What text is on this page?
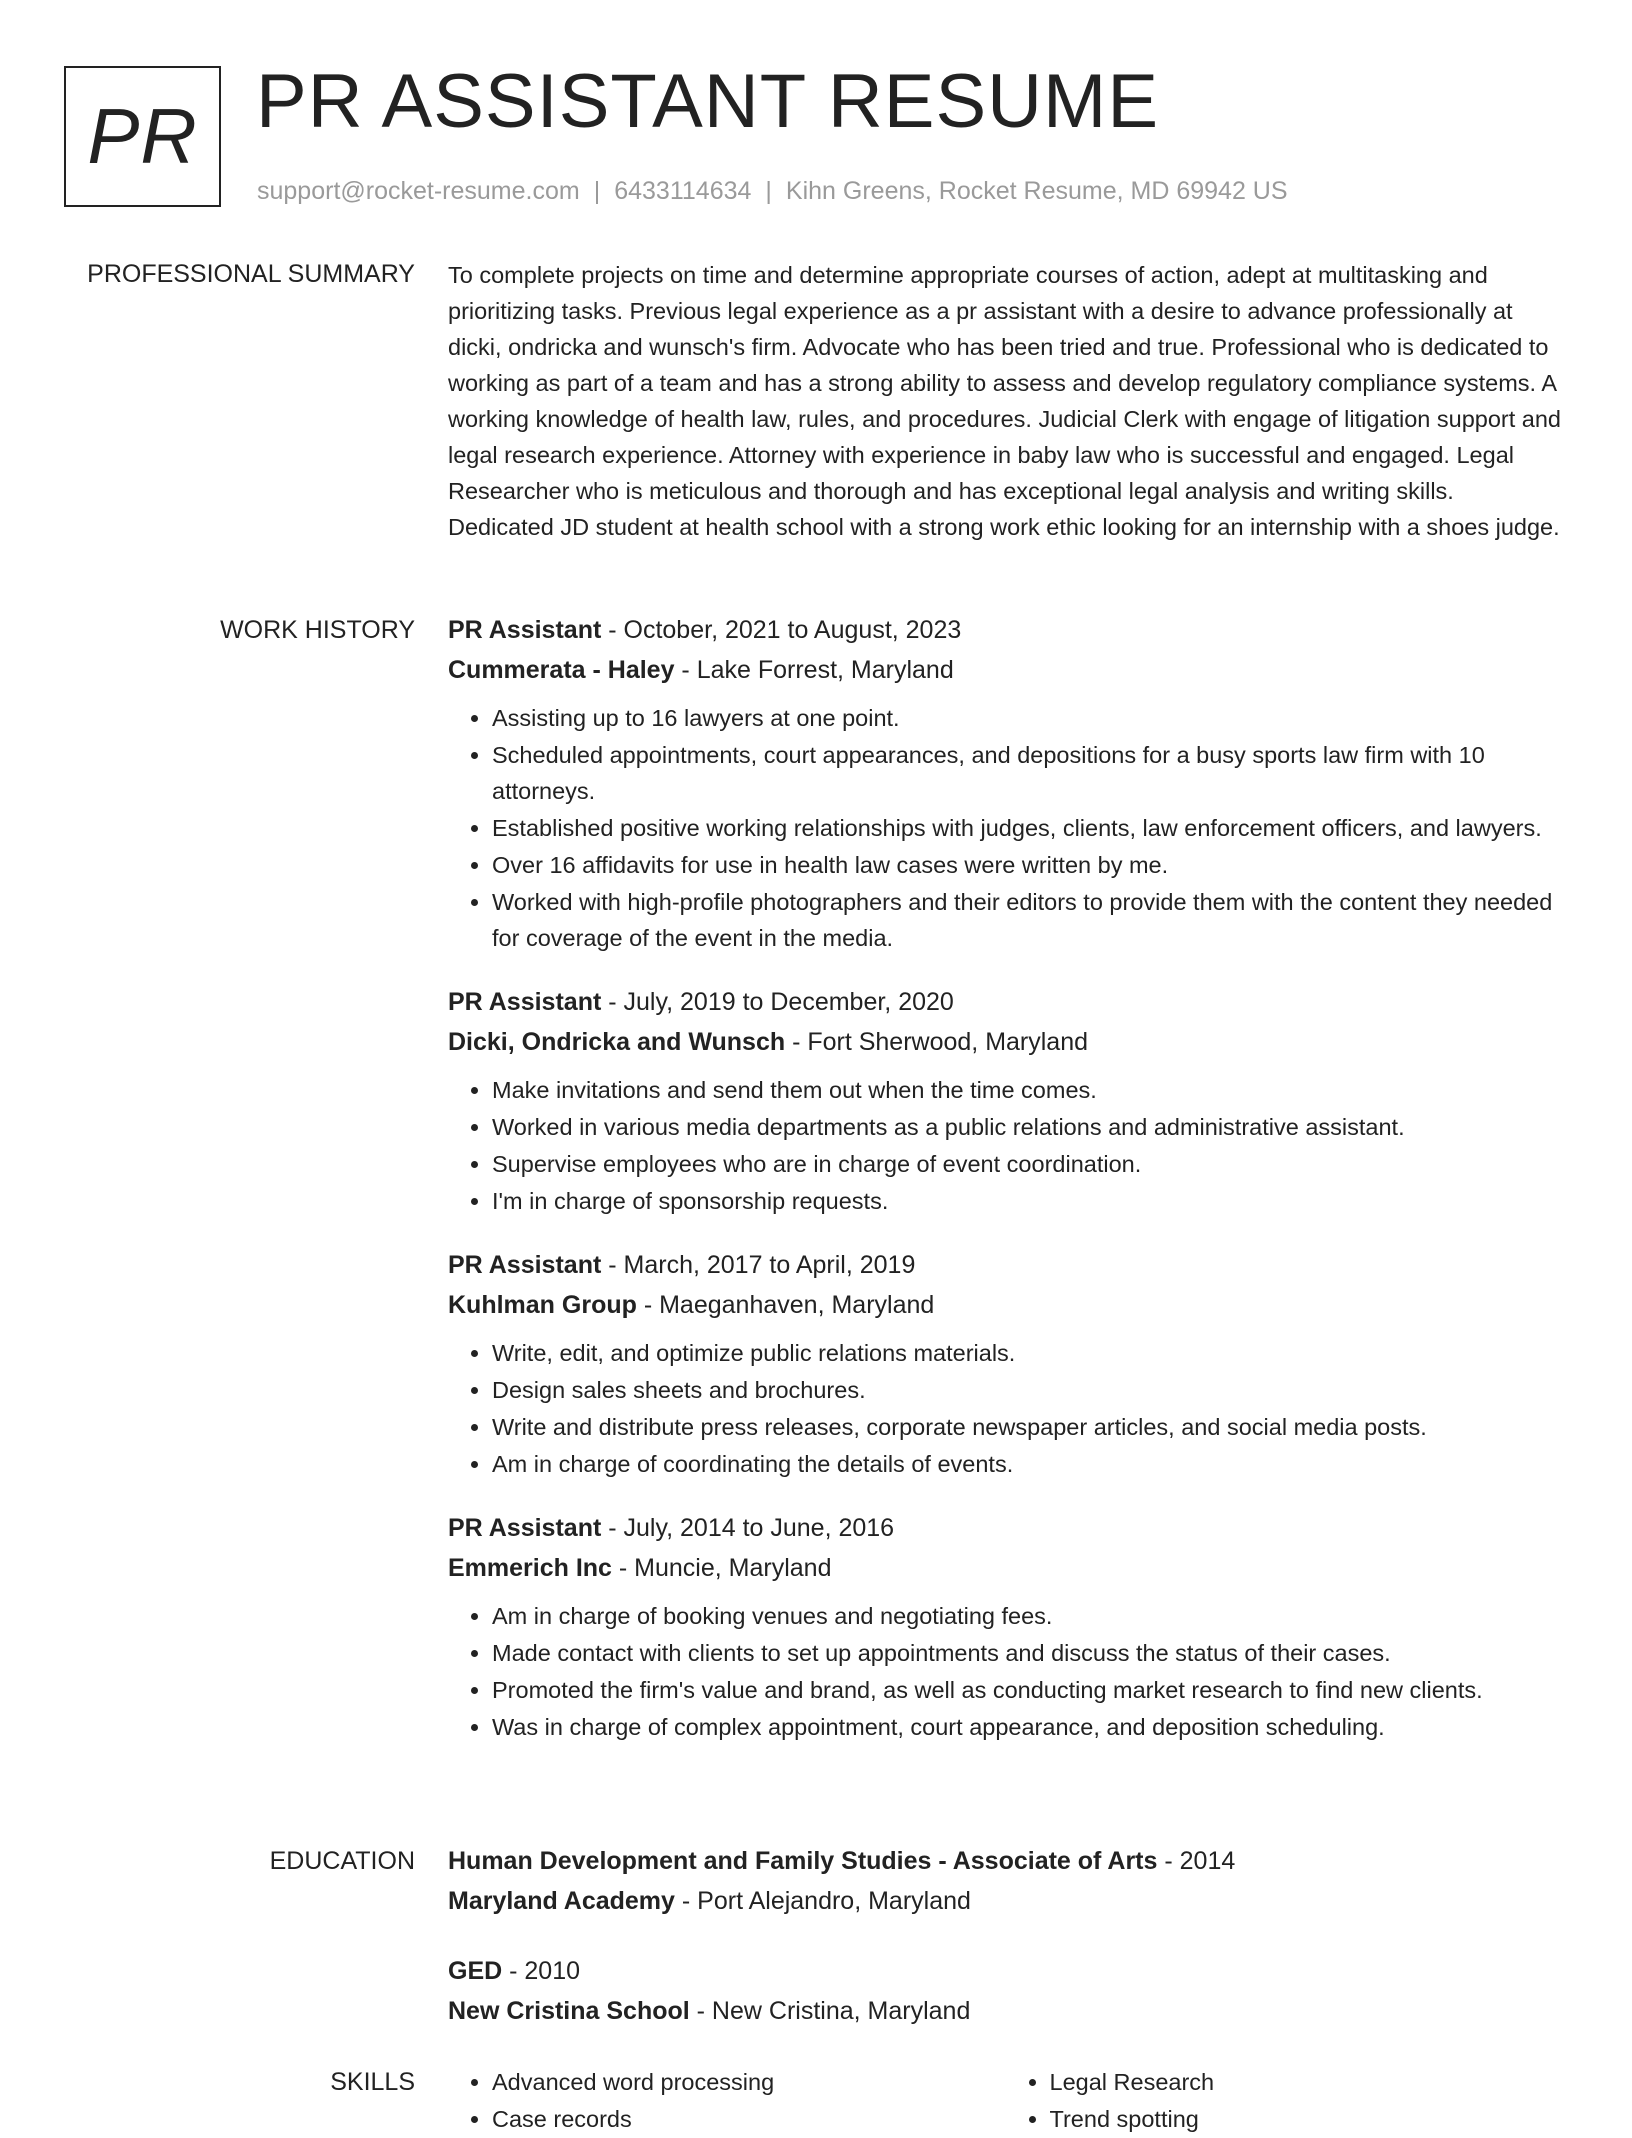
PR PR ASSISTANT RESUME
support@rocket-resume.com | 6433114634 | Kihn Greens, Rocket Resume, MD 69942 US
PROFESSIONAL SUMMARY To complete projects on time and determine appropriate courses of action, adept at multitasking and prioritizing tasks. Previous legal experience as a pr assistant with a desire to advance professionally at dicki, ondricka and wunsch's firm. Advocate who has been tried and true. Professional who is dedicated to working as part of a team and has a strong ability to assess and develop regulatory compliance systems. A working knowledge of health law, rules, and procedures. Judicial Clerk with engage of litigation support and legal research experience. Attorney with experience in baby law who is successful and engaged. Legal Researcher who is meticulous and thorough and has exceptional legal analysis and writing skills. Dedicated JD student at health school with a strong work ethic looking for an internship with a shoes judge.

WORK HISTORY PR Assistant - October, 2021 to August, 2023
Cummerata - Haley - Lake Forrest, Maryland
• Assisting up to 16 lawyers at one point.
• Scheduled appointments, court appearances, and depositions for a busy sports law firm with 10 attorneys.
• Established positive working relationships with judges, clients, law enforcement officers, and lawyers.
• Over 16 affidavits for use in health law cases were written by me.
• Worked with high-profile photographers and their editors to provide them with the content they needed for coverage of the event in the media.
PR Assistant - July, 2019 to December, 2020
Dicki, Ondricka and Wunsch - Fort Sherwood, Maryland
• Make invitations and send them out when the time comes.
• Worked in various media departments as a public relations and administrative assistant.
• Supervise employees who are in charge of event coordination.
• I'm in charge of sponsorship requests.
PR Assistant - March, 2017 to April, 2019
Kuhlman Group - Maeganhaven, Maryland
• Write, edit, and optimize public relations materials.
• Design sales sheets and brochures.
• Write and distribute press releases, corporate newspaper articles, and social media posts.
• Am in charge of coordinating the details of events.
PR Assistant - July, 2014 to June, 2016
Emmerich Inc - Muncie, Maryland
• Am in charge of booking venues and negotiating fees.
• Made contact with clients to set up appointments and discuss the status of their cases.
• Promoted the firm's value and brand, as well as conducting market research to find new clients.
• Was in charge of complex appointment, court appearance, and deposition scheduling.
EDUCATION Human Development and Family Studies - Associate of Arts - 2014
Maryland Academy - Port Alejandro, Maryland
GED - 2010
New Cristina School - New Cristina, Maryland
SKILLS
•	Advanced word processing
• Case records
• Legal Research
• Trend spotting
